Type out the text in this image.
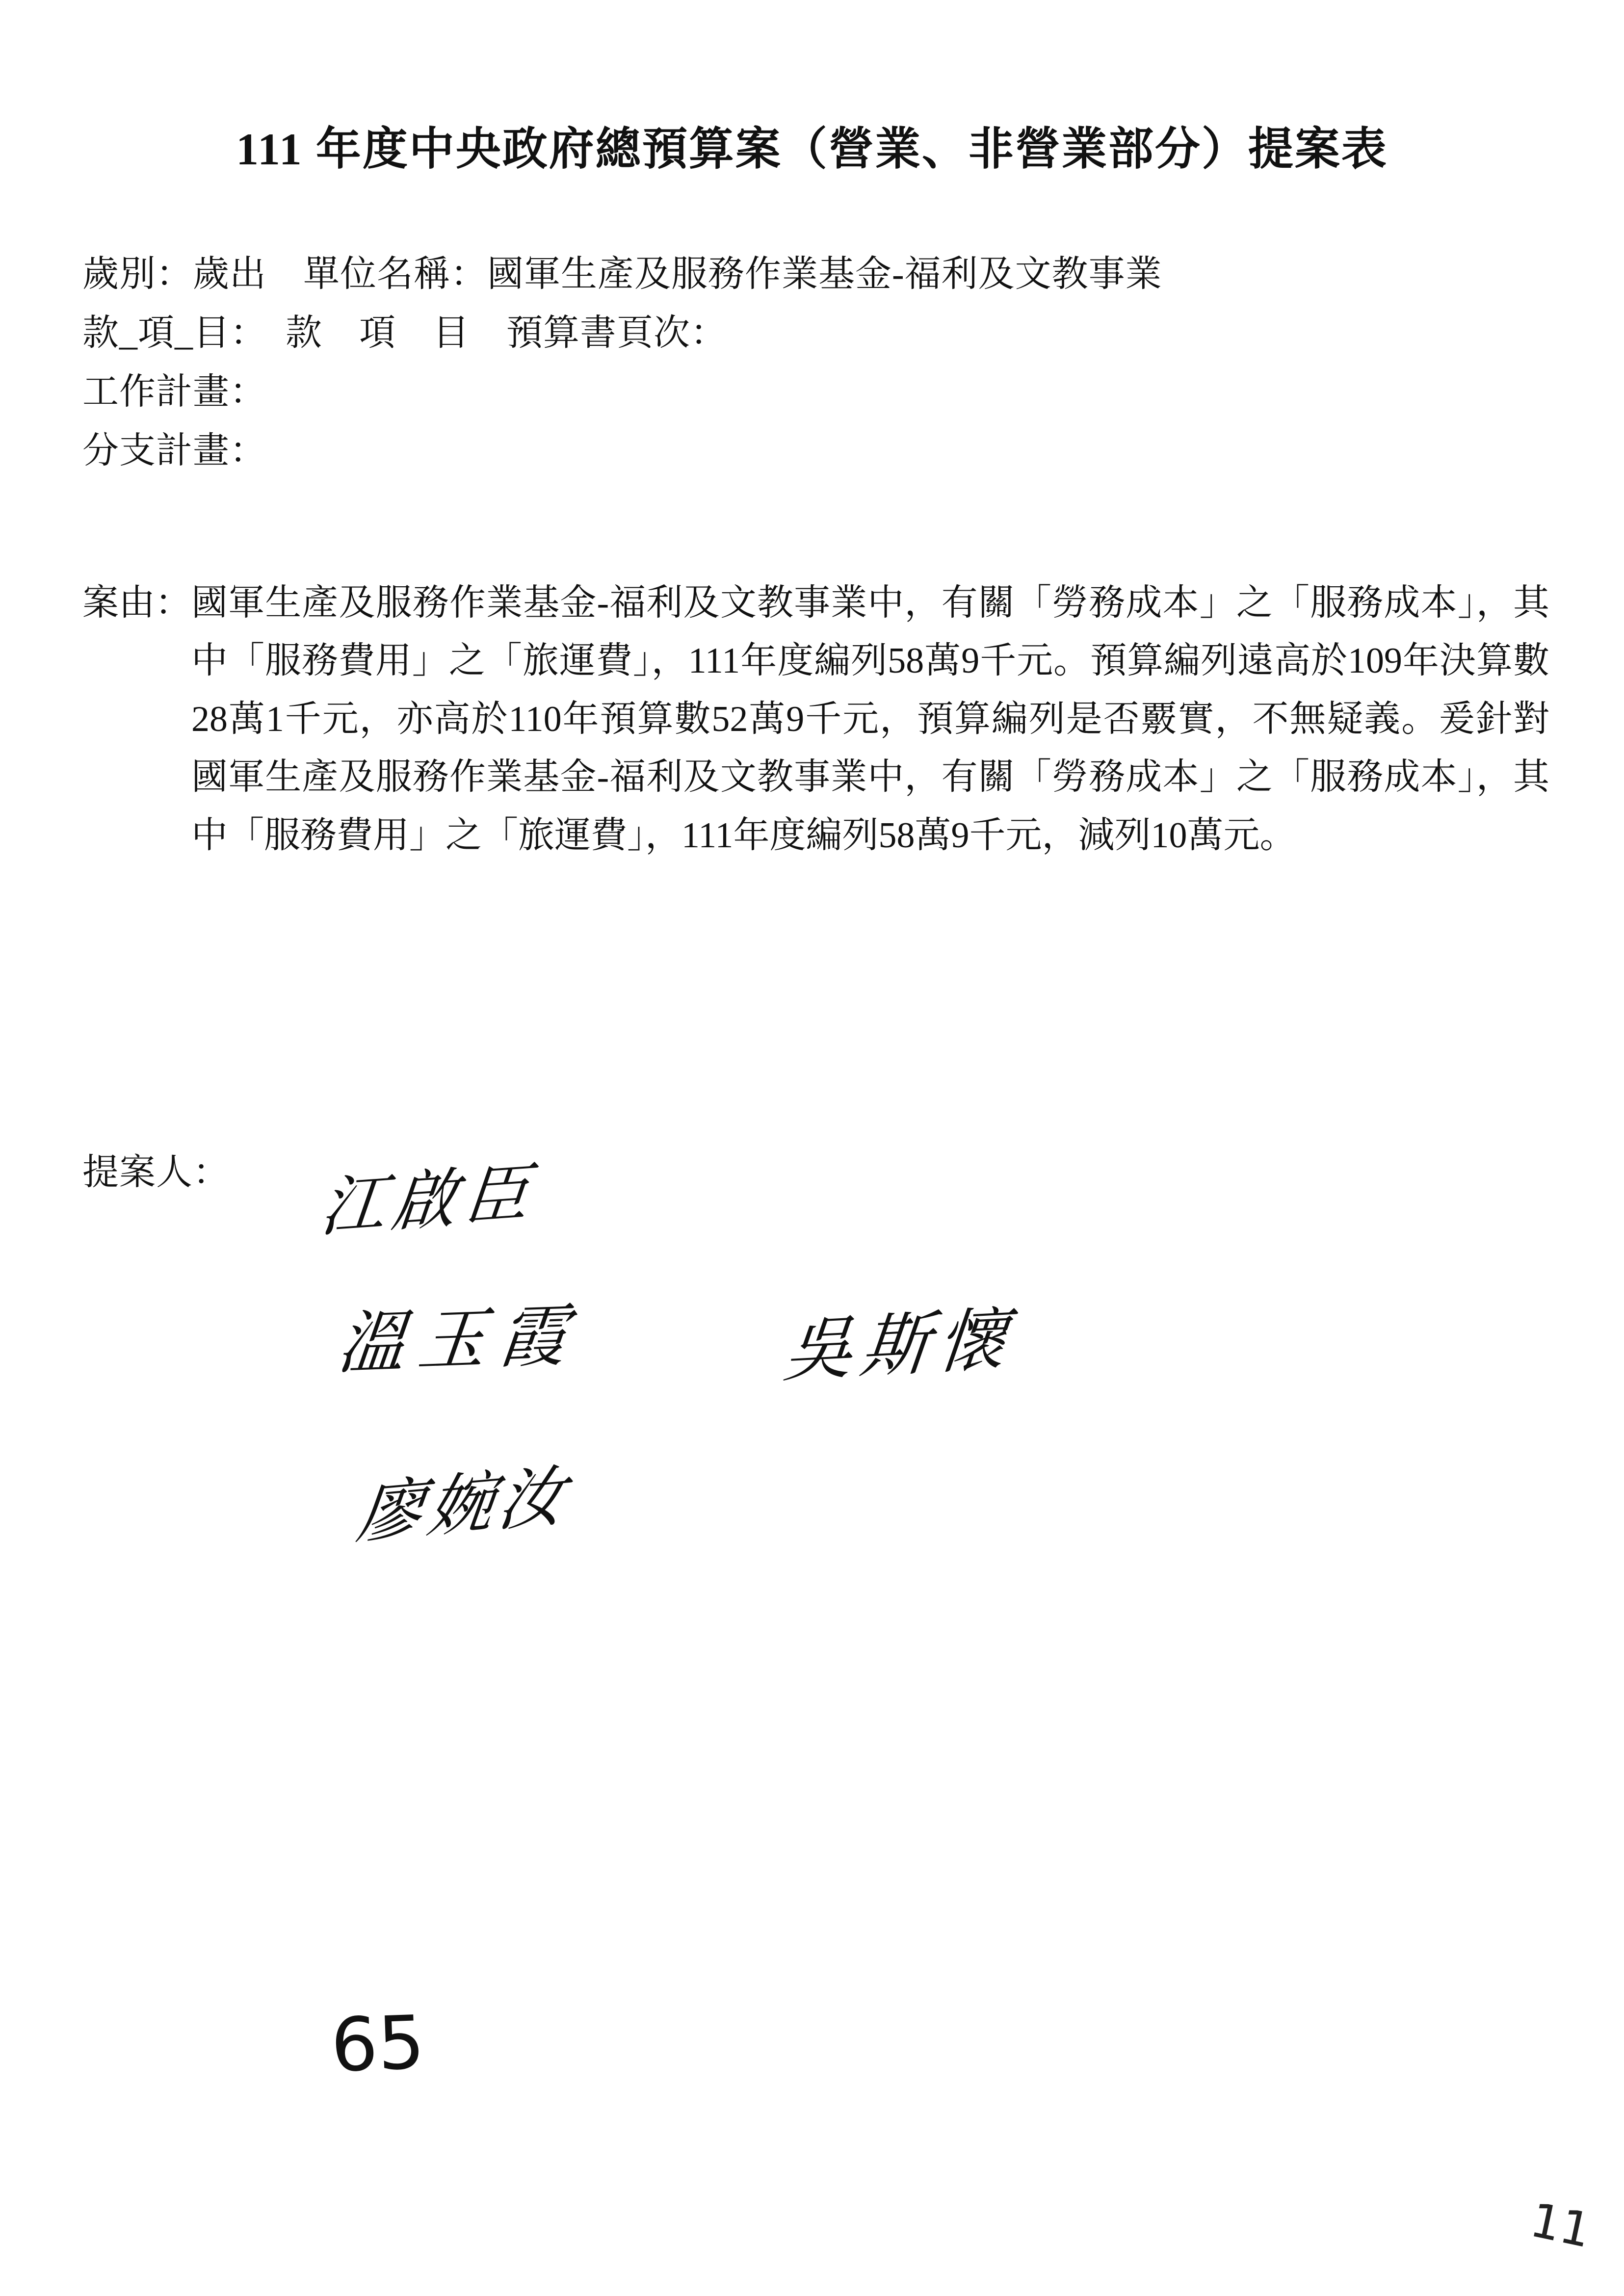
111 年度中央政府總預算案（營業、非營業部分）提案表
歲別：歲出　單位名稱：國軍生產及服務作業基金-福利及文教事業
款_項_目：　款　項　目　預算書頁次：
工作計畫：
分支計畫：
案由： 國軍生產及服務作業基金-福利及文教事業中，有關「勞務成本」之「服務成本」，其中「服務費用」之「旅運費」，111年度編列58萬9千元。預算編列遠高於109年決算數28萬1千元，亦高於110年預算數52萬9千元，預算編列是否覈實，不無疑義。爰針對國軍生產及服務作業基金-福利及文教事業中，有關「勞務成本」之「服務成本」，其中「服務費用」之「旅運費」，111年度編列58萬9千元，減列10萬元。

提案人： 江啟臣
溫玉霞	吳斯懷
廖婉汝
65
11
